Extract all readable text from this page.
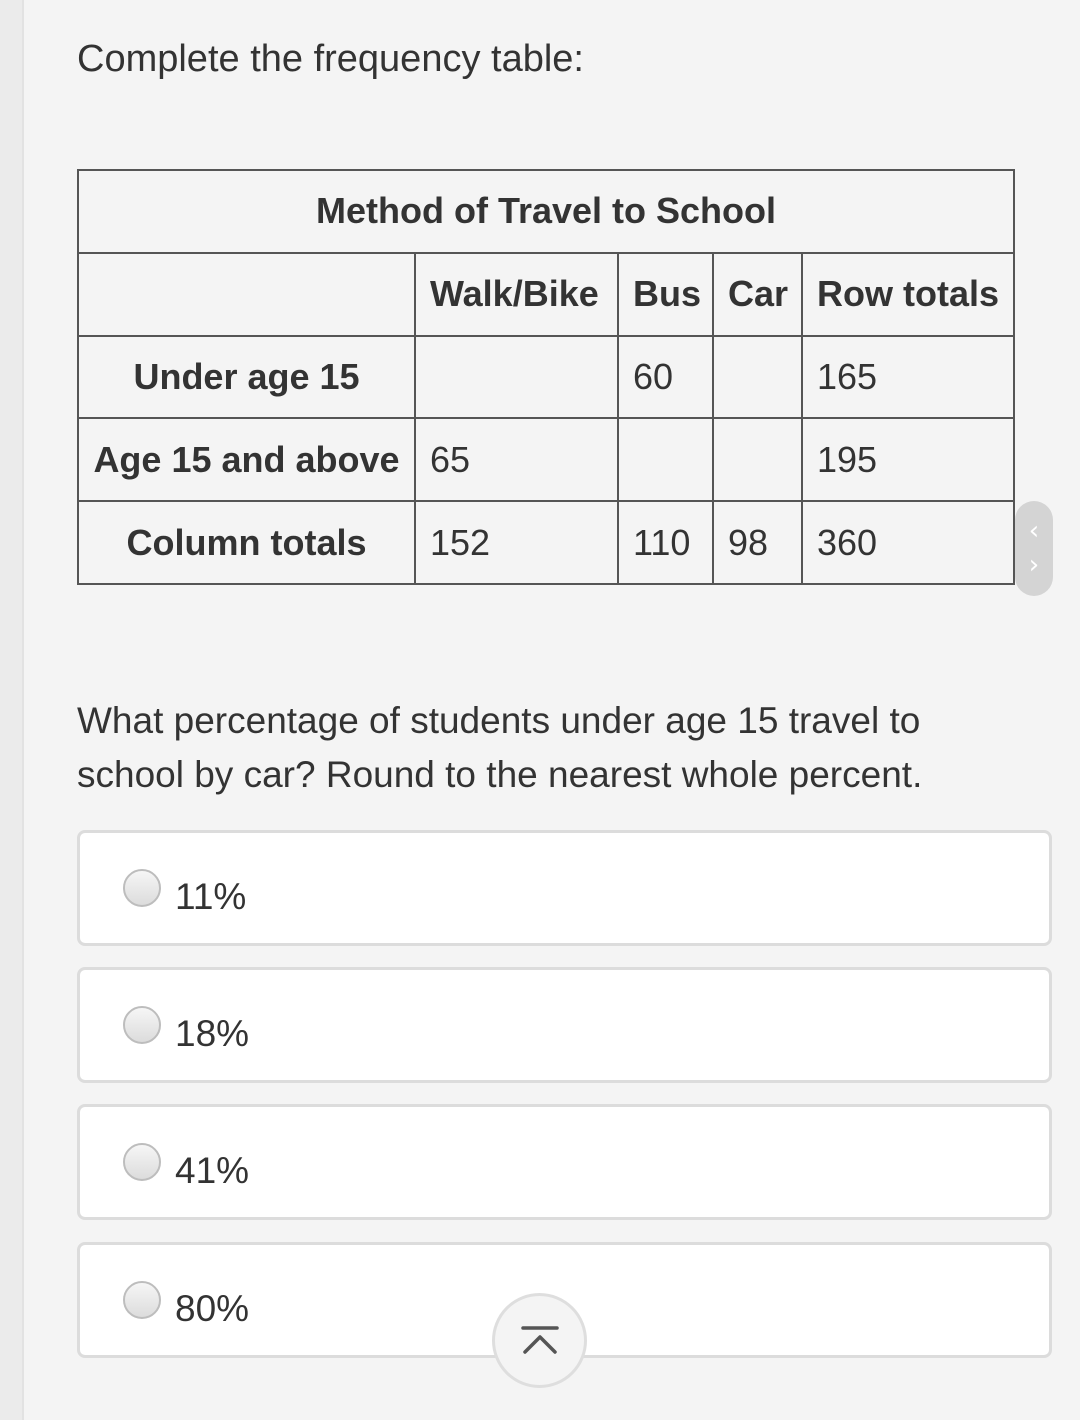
Complete the frequency table:
Method of Travel to School				
	Walk/Bike	Bus	Car	Row totals
Under age 15		60		165
Age 15 and above	65			195
Column totals	152	110	98	360	‹
›

What percentage of students under age 15 travel to school by car? Round to the nearest whole percent.

11%
18%
41%
80%
